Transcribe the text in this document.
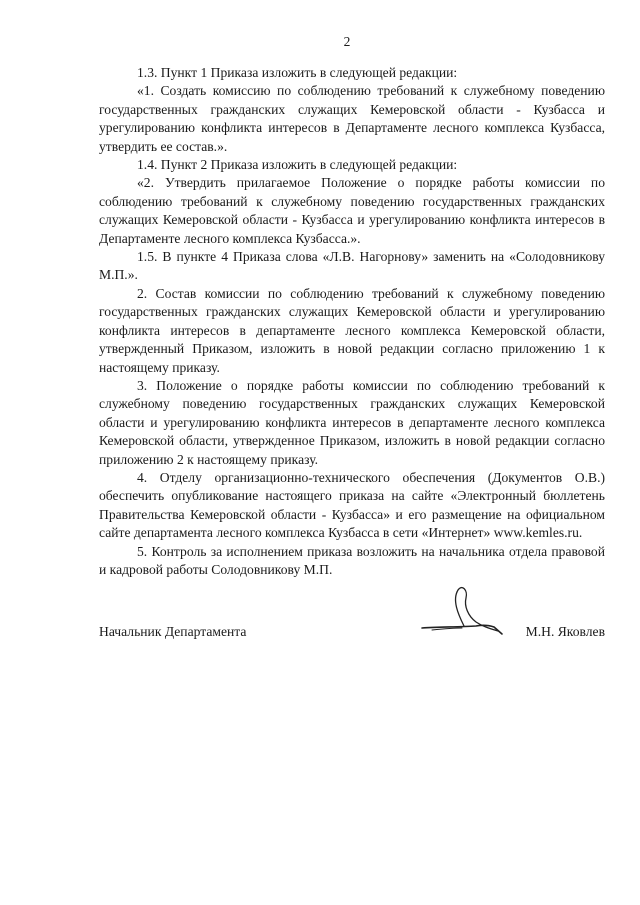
2

1.3. Пункт 1 Приказа изложить в следующей редакции:

«1. Создать комиссию по соблюдению требований к служебному поведению государственных гражданских служащих Кемеровской области - Кузбасса и урегулированию конфликта интересов в Департаменте лесного комплекса Кузбасса, утвердить ее состав.».

1.4. Пункт 2 Приказа изложить в следующей редакции:

«2. Утвердить прилагаемое Положение о порядке работы комиссии по соблюдению требований к служебному поведению государственных гражданских служащих Кемеровской области - Кузбасса и урегулированию конфликта интересов в Департаменте лесного комплекса Кузбасса.».

1.5. В пункте 4 Приказа слова «Л.В. Нагорнову» заменить на «Солодовникову М.П.».

2. Состав комиссии по соблюдению требований к служебному поведению государственных гражданских служащих Кемеровской области и урегулированию конфликта интересов в департаменте лесного комплекса Кемеровской области, утвержденный Приказом, изложить в новой редакции согласно приложению 1 к настоящему приказу.

3. Положение о порядке работы комиссии по соблюдению требований к служебному поведению государственных гражданских служащих Кемеровской области и урегулированию конфликта интересов в департаменте лесного комплекса Кемеровской области, утвержденное Приказом, изложить в новой редакции согласно приложению 2 к настоящему приказу.

4. Отделу организационно-технического обеспечения (Документов О.В.) обеспечить опубликование настоящего приказа на сайте «Электронный бюллетень Правительства Кемеровской области - Кузбасса» и его размещение на официальном сайте департамента лесного комплекса Кузбасса в сети «Интернет» www.kemles.ru.

5. Контроль за исполнением приказа возложить на начальника отдела правовой и кадровой работы Солодовникову М.П.

Начальник Департамента	М.Н. Яковлев
